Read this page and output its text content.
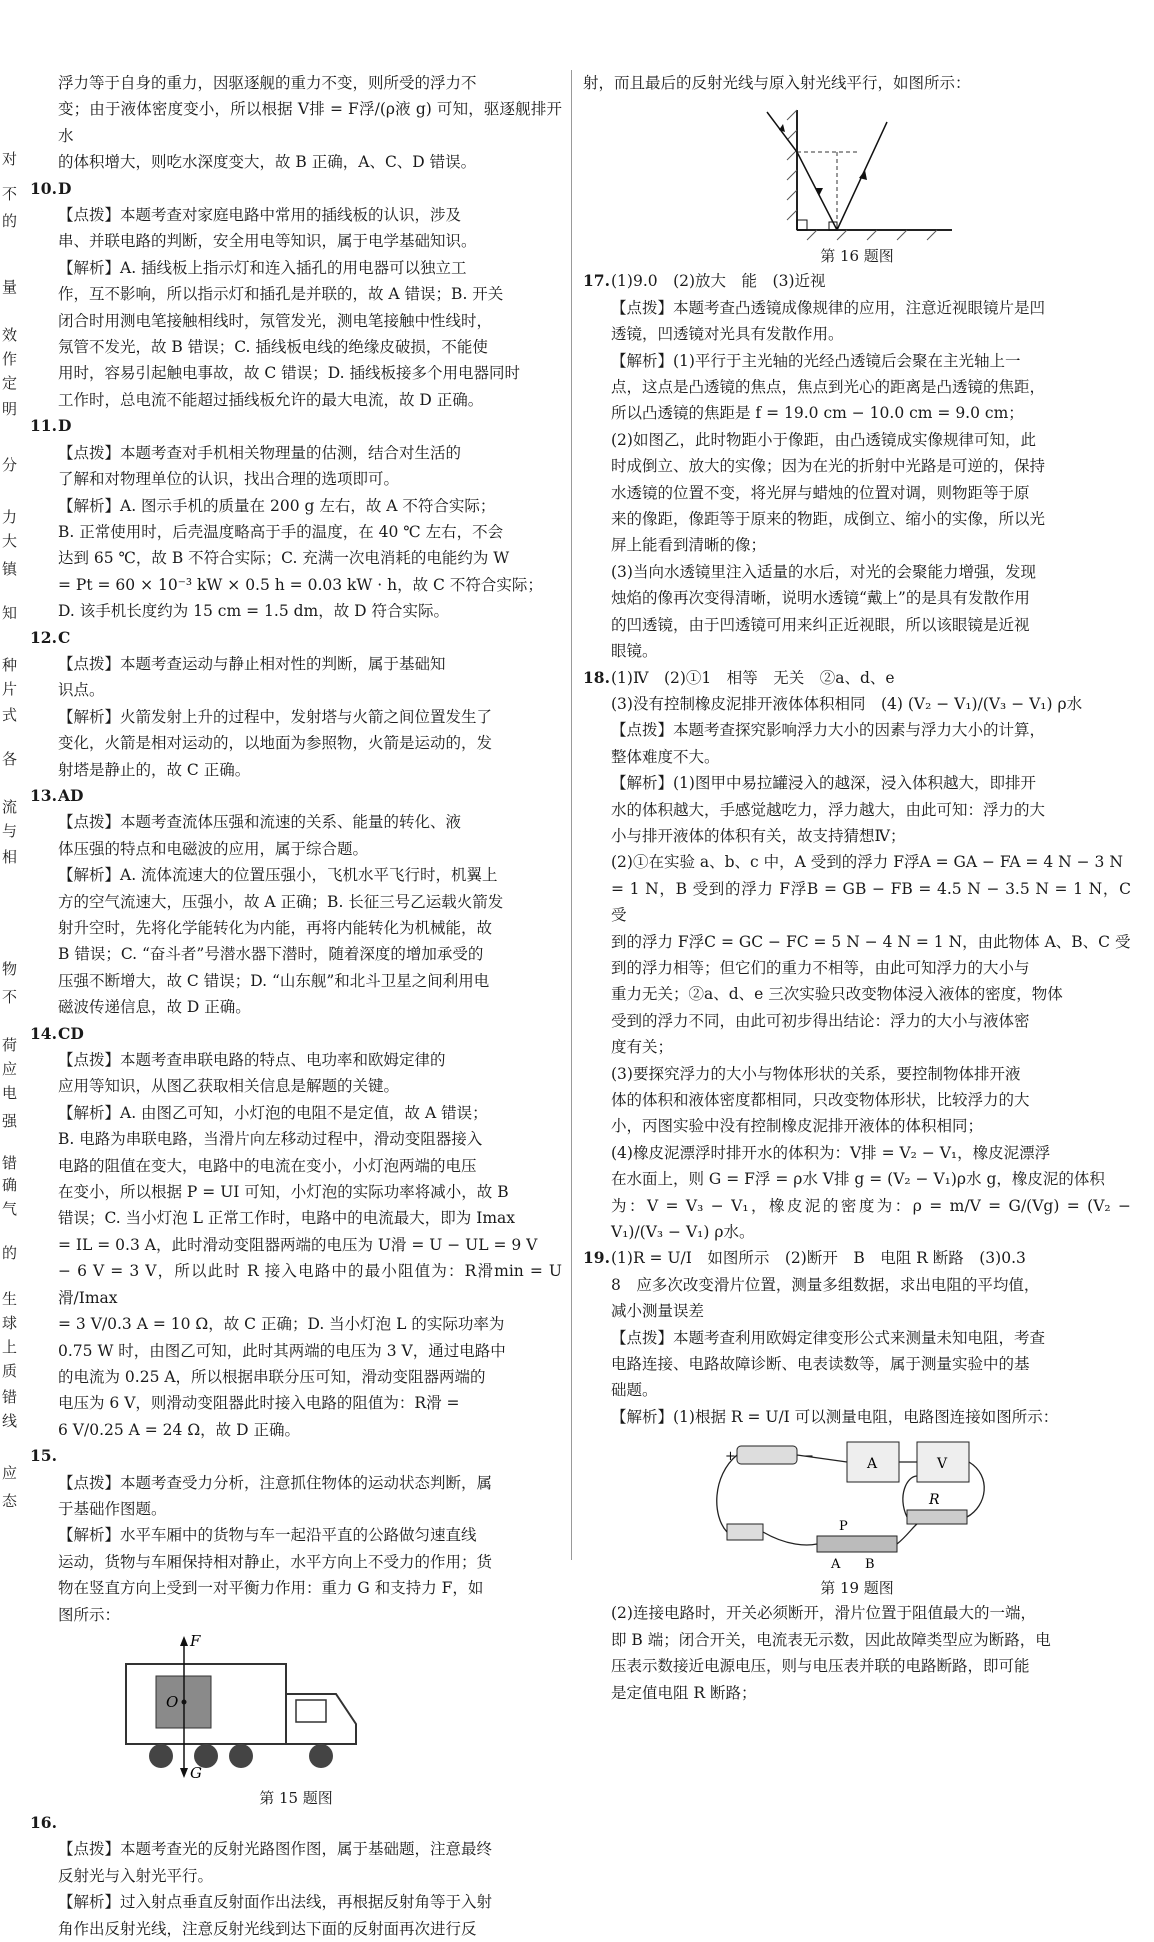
对
不
的
量
效
作
定
明
分
力
大
镇
知
种
片
式
各
流
与
相
物
不
荷
应
电
强
错
确
气
的
生
球
上
质
错
线
应
态

浮力等于自身的重力，因驱逐舰的重力不变，则所受的浮力不

变；由于液体密度变小，所以根据 V排 = F浮/(ρ液 g) 可知，驱逐舰排开水

的体积增大，则吃水深度变大，故 B 正确，A、C、D 错误。

10.D

【点拨】本题考查对家庭电路中常用的插线板的认识，涉及

串、并联电路的判断，安全用电等知识，属于电学基础知识。

【解析】A. 插线板上指示灯和连入插孔的用电器可以独立工

作，互不影响，所以指示灯和插孔是并联的，故 A 错误；B. 开关

闭合时用测电笔接触相线时，氖管发光，测电笔接触中性线时，

氖管不发光，故 B 错误；C. 插线板电线的绝缘皮破损，不能使

用时，容易引起触电事故，故 C 错误；D. 插线板接多个用电器同时

工作时，总电流不能超过插线板允许的最大电流，故 D 正确。

11.D

【点拨】本题考查对手机相关物理量的估测，结合对生活的

了解和对物理单位的认识，找出合理的选项即可。

【解析】A. 图示手机的质量在 200 g 左右，故 A 不符合实际；

B. 正常使用时，后壳温度略高于手的温度，在 40 ℃ 左右，不会

达到 65 ℃，故 B 不符合实际；C. 充满一次电消耗的电能约为 W

= Pt = 60 × 10⁻³ kW × 0.5 h = 0.03 kW · h，故 C 不符合实际；

D. 该手机长度约为 15 cm = 1.5 dm，故 D 符合实际。

12.C

【点拨】本题考查运动与静止相对性的判断，属于基础知

识点。

【解析】火箭发射上升的过程中，发射塔与火箭之间位置发生了

变化，火箭是相对运动的，以地面为参照物，火箭是运动的，发

射塔是静止的，故 C 正确。

13.AD

【点拨】本题考查流体压强和流速的关系、能量的转化、液

体压强的特点和电磁波的应用，属于综合题。

【解析】A. 流体流速大的位置压强小，飞机水平飞行时，机翼上

方的空气流速大，压强小，故 A 正确；B. 长征三号乙运载火箭发

射升空时，先将化学能转化为内能，再将内能转化为机械能，故

B 错误；C. “奋斗者”号潜水器下潜时，随着深度的增加承受的

压强不断增大，故 C 错误；D. “山东舰”和北斗卫星之间利用电

磁波传递信息，故 D 正确。

14.CD

【点拨】本题考查串联电路的特点、电功率和欧姆定律的

应用等知识，从图乙获取相关信息是解题的关键。

【解析】A. 由图乙可知，小灯泡的电阻不是定值，故 A 错误；

B. 电路为串联电路，当滑片向左移动过程中，滑动变阻器接入

电路的阻值在变大，电路中的电流在变小，小灯泡两端的电压

在变小，所以根据 P = UI 可知，小灯泡的实际功率将减小，故 B

错误；C. 当小灯泡 L 正常工作时，电路中的电流最大，即为 Imax

= IL = 0.3 A，此时滑动变阻器两端的电压为 U滑 = U − UL = 9 V

− 6 V = 3 V，所以此时 R 接入电路中的最小阻值为：R滑min = U滑/Imax

= 3 V/0.3 A = 10 Ω，故 C 正确；D. 当小灯泡 L 的实际功率为

0.75 W 时，由图乙可知，此时其两端的电压为 3 V，通过电路中

的电流为 0.25 A，所以根据串联分压可知，滑动变阻器两端的

电压为 6 V，则滑动变阻器此时接入电路的阻值为：R滑 =

6 V/0.25 A = 24 Ω，故 D 正确。

15.

【点拨】本题考查受力分析，注意抓住物体的运动状态判断，属

于基础作图题。

【解析】水平车厢中的货物与车一起沿平直的公路做匀速直线

运动，货物与车厢保持相对静止，水平方向上不受力的作用；货

物在竖直方向上受到一对平衡力作用：重力 G 和支持力 F，如

图所示：

F
O
G

第 15 题图

16.

【点拨】本题考查光的反射光路图作图，属于基础题，注意最终

反射光与入射光平行。

【解析】过入射点垂直反射面作出法线，再根据反射角等于入射

角作出反射光线，注意反射光线到达下面的反射面再次进行反

射，而且最后的反射光线与原入射光线平行，如图所示：

第 16 题图

17.(1)9.0　(2)放大　能　(3)近视

【点拨】本题考查凸透镜成像规律的应用，注意近视眼镜片是凹

透镜，凹透镜对光具有发散作用。

【解析】(1)平行于主光轴的光经凸透镜后会聚在主光轴上一

点，这点是凸透镜的焦点，焦点到光心的距离是凸透镜的焦距，

所以凸透镜的焦距是 f = 19.0 cm − 10.0 cm = 9.0 cm；

(2)如图乙，此时物距小于像距，由凸透镜成实像规律可知，此

时成倒立、放大的实像；因为在光的折射中光路是可逆的，保持

水透镜的位置不变，将光屏与蜡烛的位置对调，则物距等于原

来的像距，像距等于原来的物距，成倒立、缩小的实像，所以光

屏上能看到清晰的像；

(3)当向水透镜里注入适量的水后，对光的会聚能力增强，发现

烛焰的像再次变得清晰，说明水透镜“戴上”的是具有发散作用

的凹透镜，由于凹透镜可用来纠正近视眼，所以该眼镜是近视

眼镜。

18.(1)Ⅳ　(2)①1　相等　无关　②a、d、e

(3)没有控制橡皮泥排开液体体积相同　(4) (V₂ − V₁)/(V₃ − V₁) ρ水

【点拨】本题考查探究影响浮力大小的因素与浮力大小的计算，

整体难度不大。

【解析】(1)图甲中易拉罐浸入的越深，浸入体积越大，即排开

水的体积越大，手感觉越吃力，浮力越大，由此可知：浮力的大

小与排开液体的体积有关，故支持猜想Ⅳ；

(2)①在实验 a、b、c 中，A 受到的浮力 F浮A = GA − FA = 4 N − 3 N

= 1 N，B 受到的浮力 F浮B = GB − FB = 4.5 N − 3.5 N = 1 N，C 受

到的浮力 F浮C = GC − FC = 5 N − 4 N = 1 N，由此物体 A、B、C 受

到的浮力相等；但它们的重力不相等，由此可知浮力的大小与

重力无关；②a、d、e 三次实验只改变物体浸入液体的密度，物体

受到的浮力不同，由此可初步得出结论：浮力的大小与液体密

度有关；

(3)要探究浮力的大小与物体形状的关系，要控制物体排开液

体的体积和液体密度都相同，只改变物体形状，比较浮力的大

小，丙图实验中没有控制橡皮泥排开液体的体积相同；

(4)橡皮泥漂浮时排开水的体积为：V排 = V₂ − V₁，橡皮泥漂浮

在水面上，则 G = F浮 = ρ水 V排 g = (V₂ − V₁)ρ水 g，橡皮泥的体积

为：V = V₃ − V₁，橡皮泥的密度为：ρ = m/V = G/(Vg) = (V₂ − V₁)/(V₃ − V₁) ρ水。

19.(1)R = U/I　如图所示　(2)断开　B　电阻 R 断路　(3)0.3

8　应多次改变滑片位置，测量多组数据，求出电阻的平均值，

减小测量误差

【点拨】本题考查利用欧姆定律变形公式来测量未知电阻，考查

电路连接、电路故障诊断、电表读数等，属于测量实验中的基

础题。

【解析】(1)根据 R = U/I 可以测量电阻，电路图连接如图所示：

+	−	A	V
R
P
A B

第 19 题图

(2)连接电路时，开关必须断开，滑片位置于阻值最大的一端，

即 B 端；闭合开关，电流表无示数，因此故障类型应为断路，电

压表示数接近电源电压，则与电压表并联的电路断路，即可能

是定值电阻 R 断路；
